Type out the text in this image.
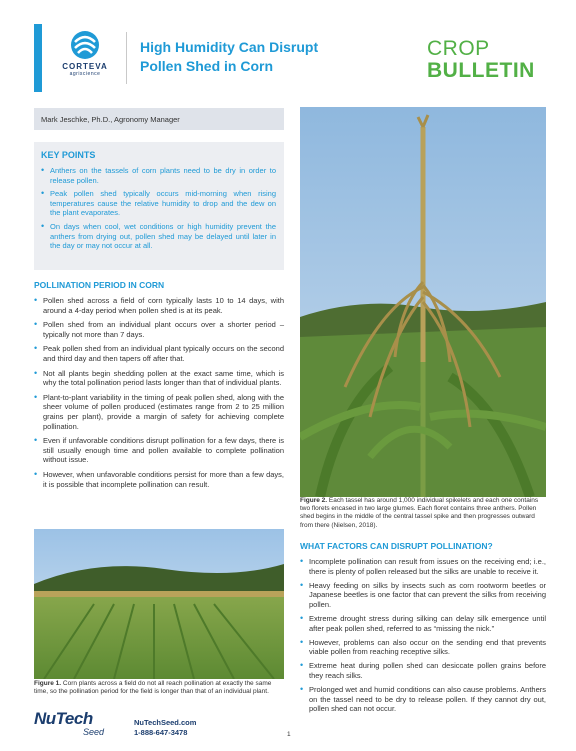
CORTEVA
agriscience
High Humidity Can Disrupt
Pollen Shed in Corn
CROP
BULLETIN
Mark Jeschke, Ph.D., Agronomy Manager
KEY POINTS
• Anthers on the tassels of corn plants need to be dry in order to release pollen.
• Peak pollen shed typically occurs mid-morning when rising temperatures cause the relative humidity to drop and the dew on the plant evaporates.
• On days when cool, wet conditions or high humidity prevent the anthers from drying out, pollen shed may be delayed until later in the day or may not occur at all.
POLLINATION PERIOD IN CORN
• Pollen shed across a field of corn typically lasts 10 to 14 days, with around a 4-day period when pollen shed is at its peak.
• Pollen shed from an individual plant occurs over a shorter period – typically not more than 7 days.
• Peak pollen shed from an individual plant typically occurs on the second and third day and then tapers off after that.
• Not all plants begin shedding pollen at the exact same time, which is why the total pollination period lasts longer than that of individual plants.
• Plant-to-plant variability in the timing of peak pollen shed, along with the sheer volume of pollen produced (estimates range from 2 to 25 million grains per plant), provide a margin of safety for achieving complete pollination.
• Even if unfavorable conditions disrupt pollination for a few days, there is still usually enough time and pollen available to complete pollination without issue.
• However, when unfavorable conditions persist for more than a few days, it is possible that incomplete pollination can result.
Figure 2. Each tassel has around 1,000 individual spikelets and each one contains two florets encased in two large glumes. Each floret contains three anthers. Pollen shed begins in the middle of the central tassel spike and then progresses outward from there (Nielsen, 2018).
Figure 1. Corn plants across a field do not all reach pollination at exactly the same time, so the pollination period for the field is longer than that of an individual plant.
WHAT FACTORS CAN DISRUPT POLLINATION?
• Incomplete pollination can result from issues on the receiving end; i.e., there is plenty of pollen released but the silks are unable to receive it.
• Heavy feeding on silks by insects such as corn rootworm beetles or Japanese beetles is one factor that can prevent the silks from receiving pollen.
• Extreme drought stress during silking can delay silk emergence until after peak pollen shed, referred to as “missing the nick.”
• However, problems can also occur on the sending end that prevents viable pollen from reaching receptive silks.
• Extreme heat during pollen shed can desiccate pollen grains before they reach silks.
• Prolonged wet and humid conditions can also cause problems. Anthers on the tassel need to be dry to release pollen. If they cannot dry out, pollen shed can not occur.
NuTech
Seed
NuTechSeed.com
1-888-647-3478	1
